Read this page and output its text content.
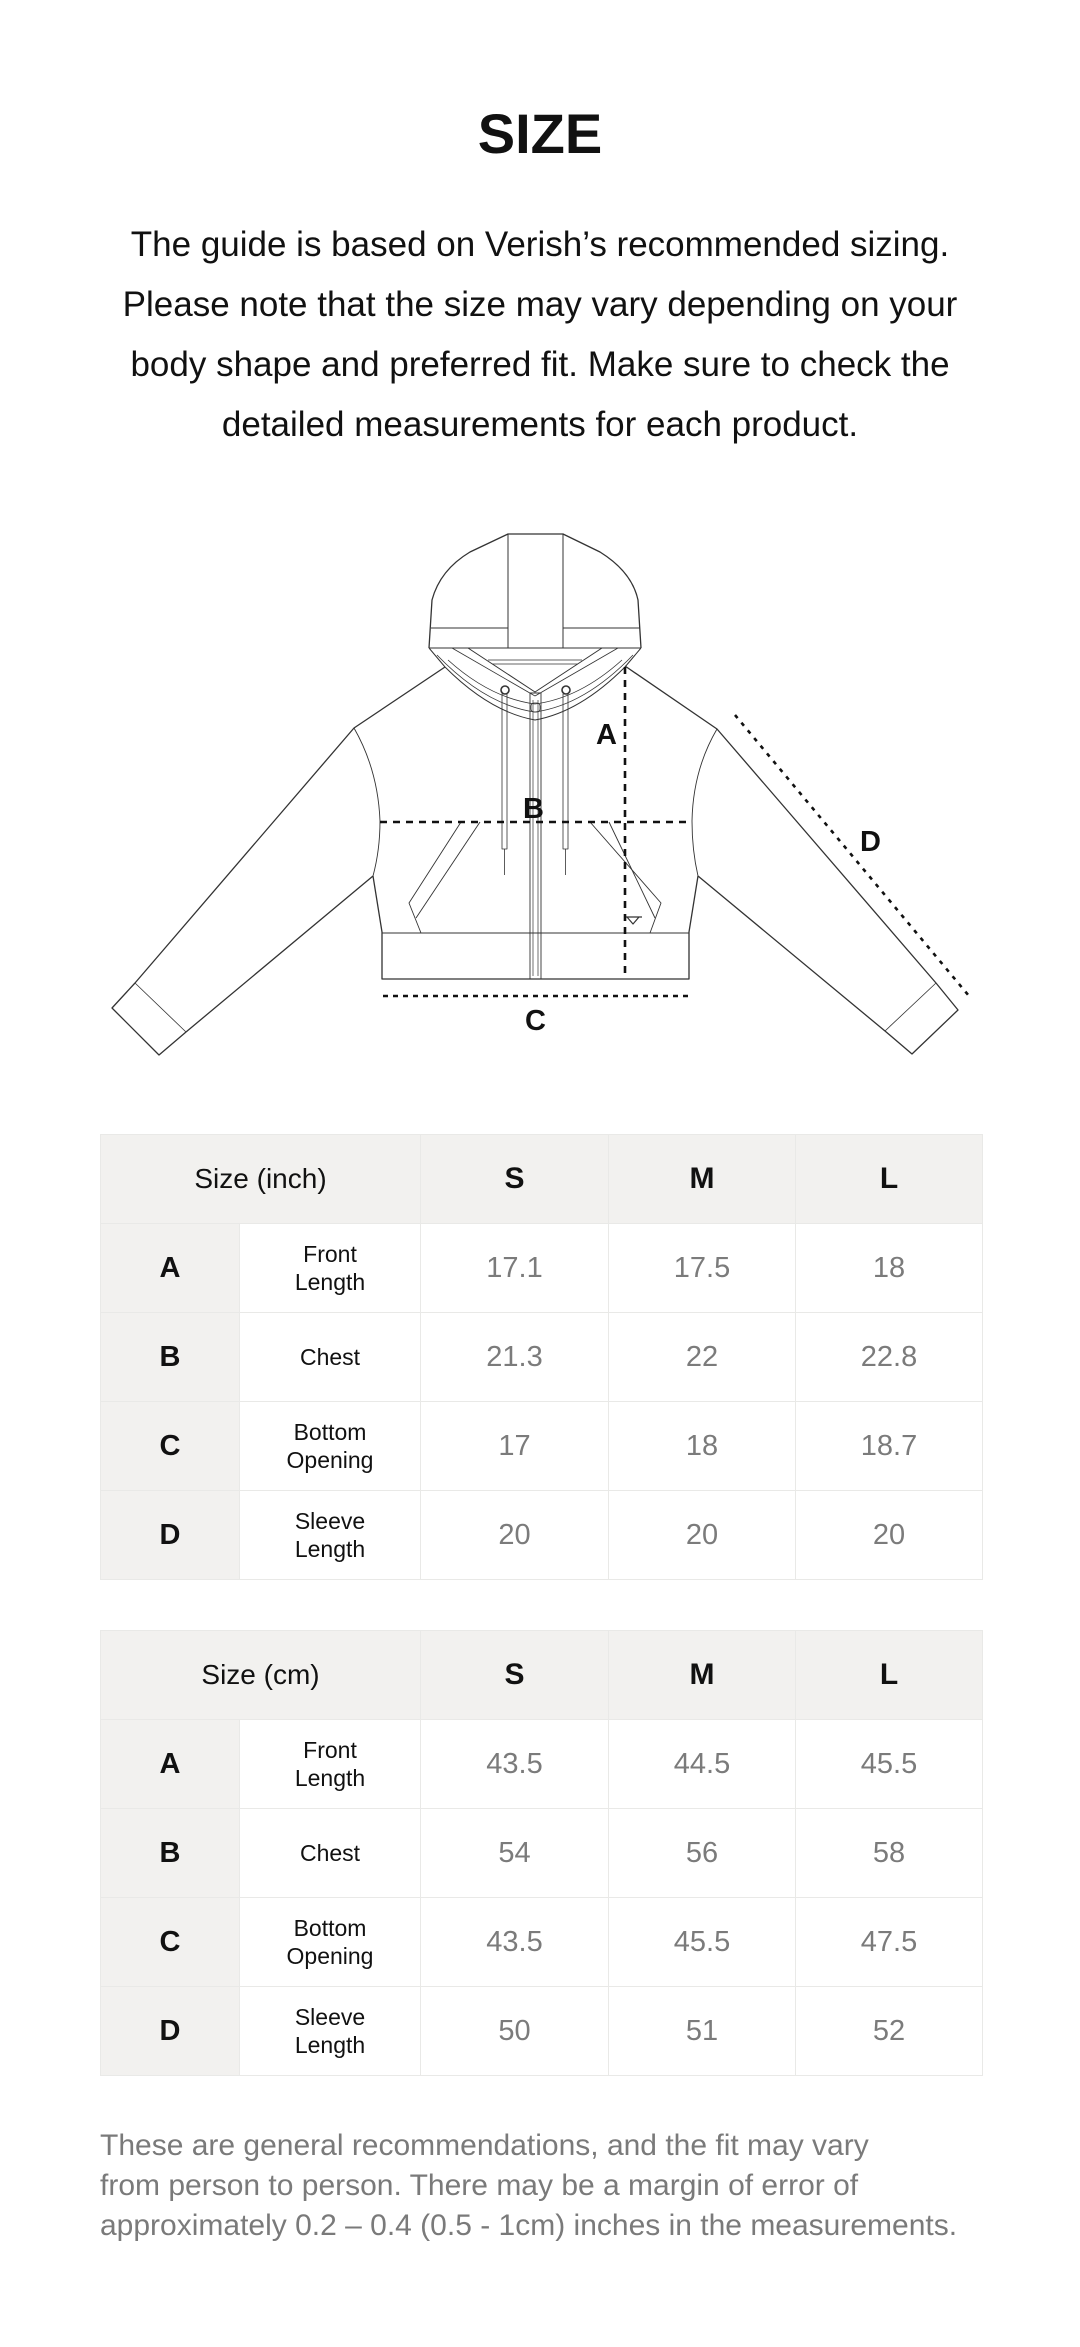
SIZE
The guide is based on Verish’s recommended sizing.
Please note that the size may vary depending on your
body shape and preferred fit. Make sure to check the
detailed measurements for each product.
A
B
C
D
Size (inch)		S	M	L
A	Front
Length	17.1	17.5	18
B	Chest	21.3	22	22.8
C	Bottom
Opening	17	18	18.7
D	Sleeve
Length	20	20	20
Size (cm)		S	M	L
A	Front
Length	43.5	44.5	45.5
B	Chest	54	56	58
C	Bottom
Opening	43.5	45.5	47.5
D	Sleeve
Length	50	51	52
These are general recommendations, and the fit may vary
from person to person. There may be a margin of error of
approximately 0.2 – 0.4 (0.5 - 1cm) inches in the measurements.
